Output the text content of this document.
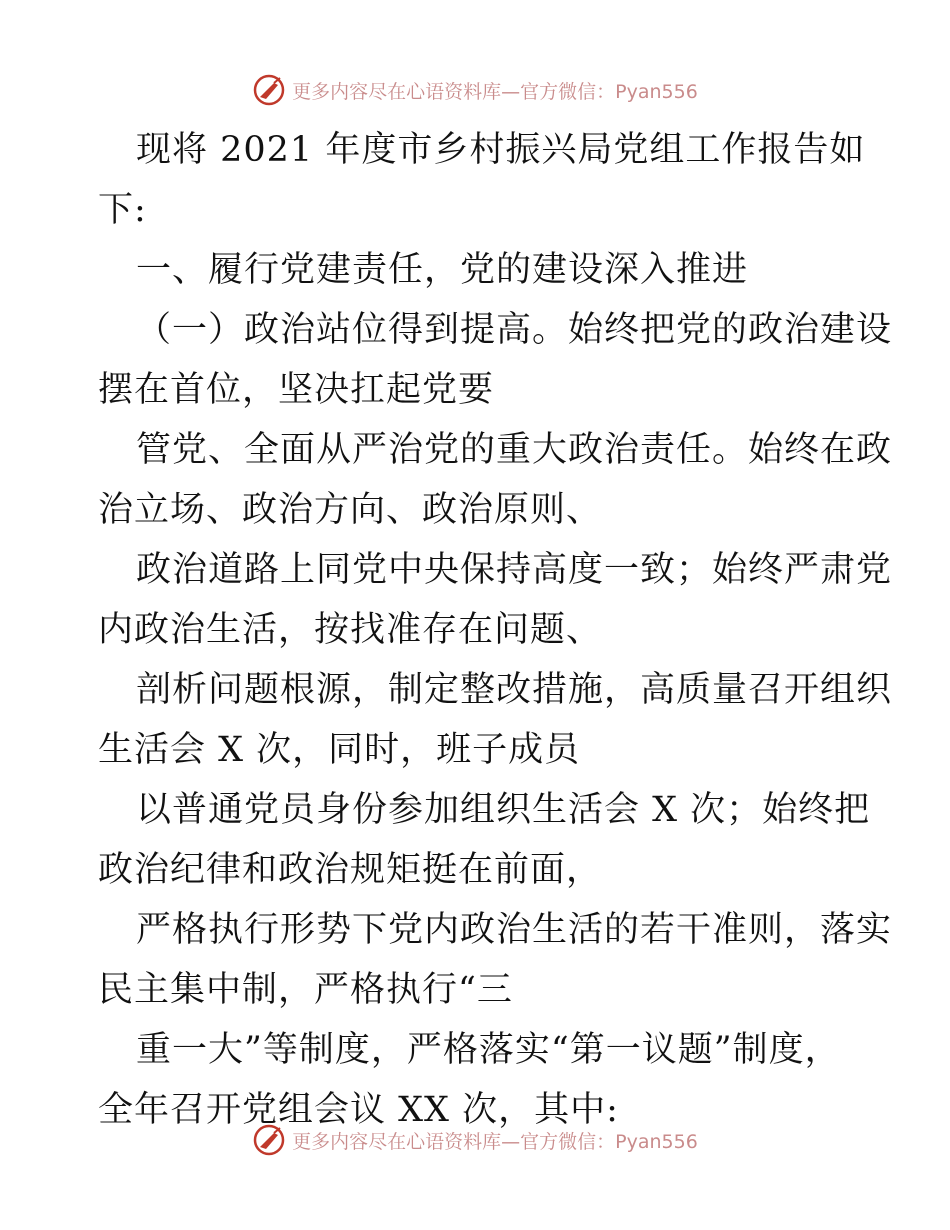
更多内容尽在心语资料库—官方微信：Pyan556
现将 2021 年度市乡村振兴局党组工作报告如
下:
一、履行党建责任，党的建设深入推进
（一）政治站位得到提高。始终把党的政治建设
摆在首位，坚决扛起党要
管党、全面从严治党的重大政治责任。始终在政
治立场、政治方向、政治原则、
政治道路上同党中央保持高度一致；始终严肃党
内政治生活，按找准存在问题、
剖析问题根源，制定整改措施，高质量召开组织
生活会 X 次，同时，班子成员
以普通党员身份参加组织生活会 X 次；始终把
政治纪律和政治规矩挺在前面，
严格执行形势下党内政治生活的若干准则，落实
民主集中制，严格执行“三
重一大”等制度，严格落实“第一议题”制度，
全年召开党组会议 XX 次，其中:
更多内容尽在心语资料库—官方微信：Pyan556
